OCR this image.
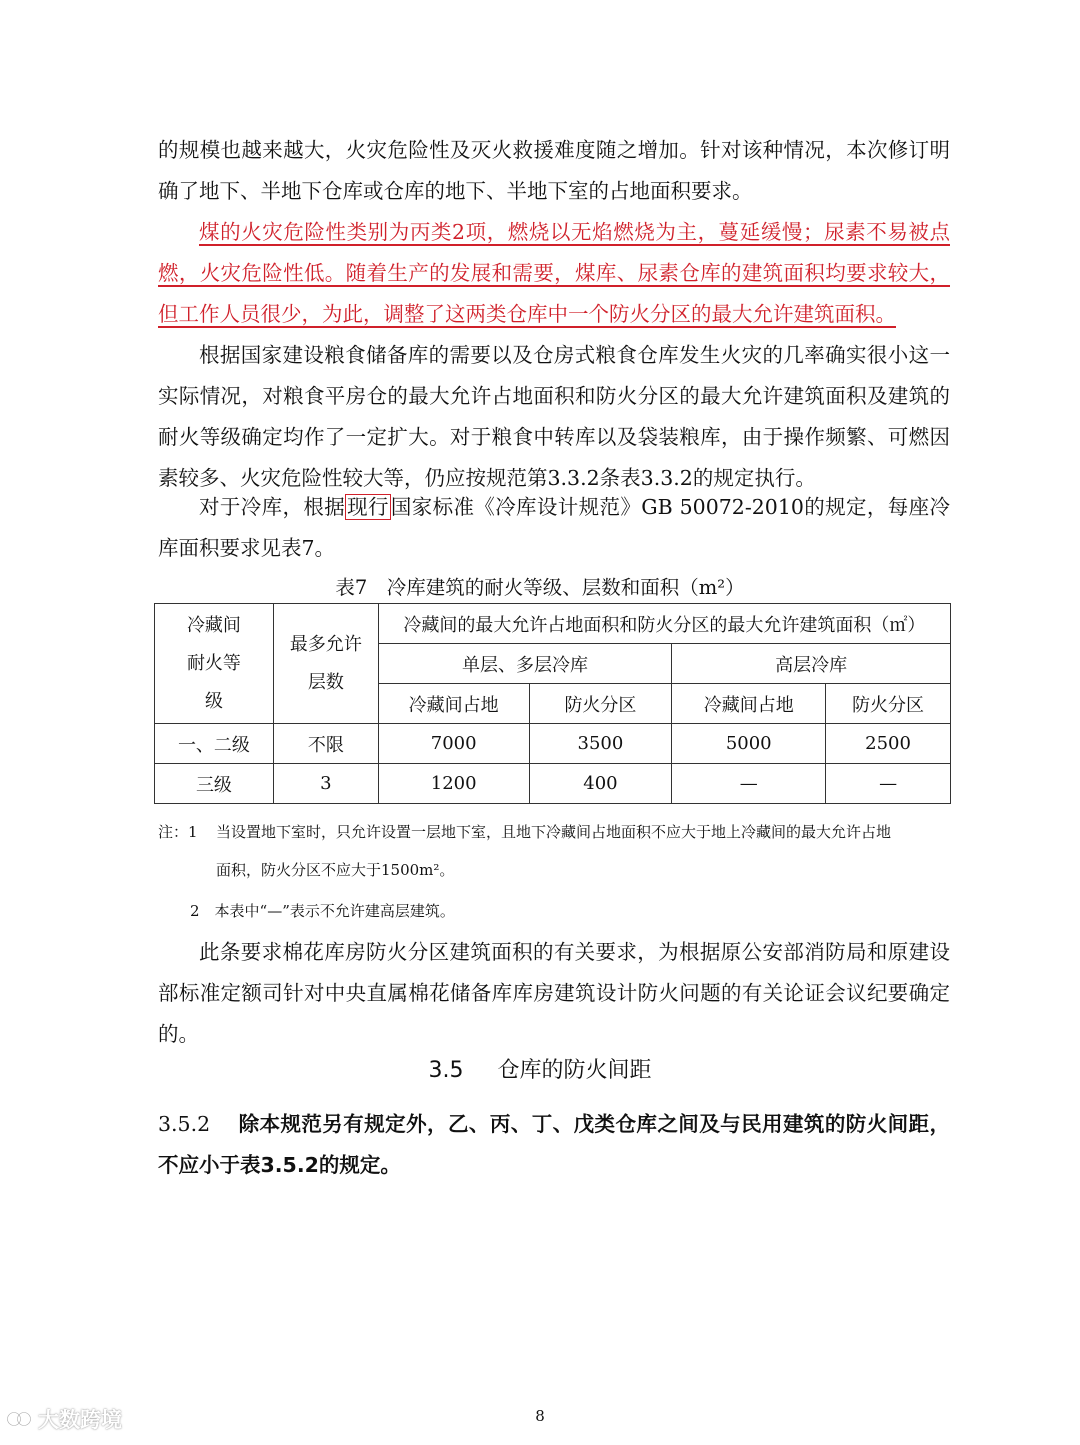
的规模也越来越大，火灾危险性及灭火救援难度随之增加。针对该种情况，本次修订明确了地下、半地下仓库或仓库的地下、半地下室的占地面积要求。

煤的火灾危险性类别为丙类2项，燃烧以无焰燃烧为主，蔓延缓慢；尿素不易被点燃，火灾危险性低。随着生产的发展和需要，煤库、尿素仓库的建筑面积均要求较大，但工作人员很少，为此，调整了这两类仓库中一个防火分区的最大允许建筑面积。

根据国家建设粮食储备库的需要以及仓房式粮食仓库发生火灾的几率确实很小这一实际情况，对粮食平房仓的最大允许占地面积和防火分区的最大允许建筑面积及建筑的耐火等级确定均作了一定扩大。对于粮食中转库以及袋装粮库，由于操作频繁、可燃因素较多、火灾危险性较大等，仍应按规范第3.3.2条表3.3.2的规定执行。

对于冷库，根据现行国家标准《冷库设计规范》GB 50072-2010的规定，每座冷库面积要求见表7。

表7　冷库建筑的耐火等级、层数和面积（m²）

冷藏间耐火等级	最多允许层数	冷藏间的最大允许占地面积和防火分区的最大允许建筑面积（㎡）			
		单层、多层冷库		高层冷库	
		冷藏间占地	防火分区	冷藏间占地	防火分区
一、二级	不限	7000	3500	5000	2500
三级	3	1200	400	—	—

注：1 当设置地下室时，只允许设置一层地下室，且地下冷藏间占地面积不应大于地上冷藏间的最大允许占地

面积，防火分区不应大于1500m²。

2　本表中“—”表示不允许建高层建筑。

此条要求棉花库房防火分区建筑面积的有关要求，为根据原公安部消防局和原建设部标准定额司针对中央直属棉花储备库库房建筑设计防火问题的有关论证会议纪要确定的。

3.5 仓库的防火间距

3.5.2 除本规范另有规定外，乙、丙、丁、戊类仓库之间及与民用建筑的防火间距，不应小于表3.5.2的规定。

8

大数跨境
